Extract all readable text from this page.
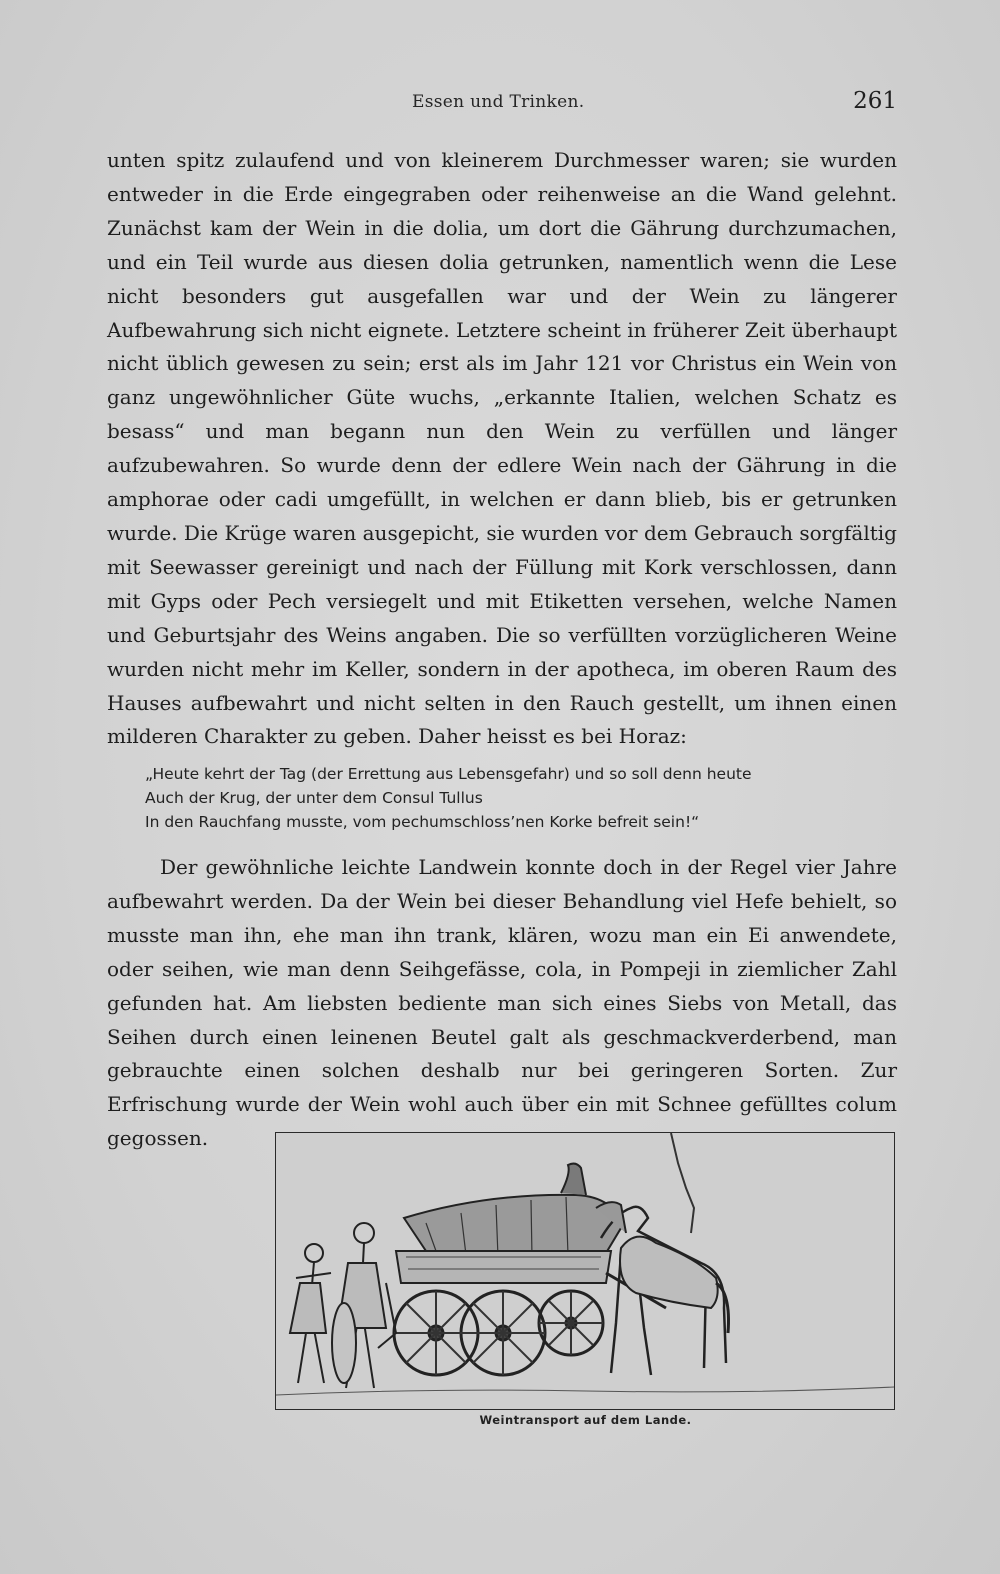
Essen und Trinken.	261
unten spitz zulaufend und von kleinerem Durchmesser waren; sie wurden entweder in die Erde eingegraben oder reihenweise an die Wand gelehnt. Zunächst kam der Wein in die dolia, um dort die Gährung durchzumachen, und ein Teil wurde aus diesen dolia getrunken, namentlich wenn die Lese nicht besonders gut ausgefallen war und der Wein zu längerer Aufbewahrung sich nicht eignete. Letztere scheint in früherer Zeit überhaupt nicht üblich gewesen zu sein; erst als im Jahr 121 vor Christus ein Wein von ganz ungewöhnlicher Güte wuchs, „erkannte Italien, welchen Schatz es besass“ und man begann nun den Wein zu verfüllen und länger aufzubewahren. So wurde denn der edlere Wein nach der Gährung in die amphorae oder cadi umgefüllt, in welchen er dann blieb, bis er getrunken wurde. Die Krüge waren ausgepicht, sie wurden vor dem Gebrauch sorgfältig mit Seewasser gereinigt und nach der Füllung mit Kork verschlossen, dann mit Gyps oder Pech versiegelt und mit Etiketten versehen, welche Namen und Geburtsjahr des Weins angaben. Die so verfüllten vorzüglicheren Weine wurden nicht mehr im Keller, sondern in der apotheca, im oberen Raum des Hauses aufbewahrt und nicht selten in den Rauch gestellt, um ihnen einen milderen Charakter zu geben. Daher heisst es bei Horaz:
„Heute kehrt der Tag (der Errettung aus Lebensgefahr) und so soll denn heute
Auch der Krug, der unter dem Consul Tullus
In den Rauchfang musste, vom pechumschloss’nen Korke befreit sein!“
Der gewöhnliche leichte Landwein konnte doch in der Regel vier Jahre aufbewahrt werden. Da der Wein bei dieser Behandlung viel Hefe behielt, so musste man ihn, ehe man ihn trank, klären, wozu man ein Ei anwendete, oder seihen, wie man denn Seihgefässe, cola, in Pompeji in ziemlicher Zahl gefunden hat. Am liebsten bediente man sich eines Siebs von Metall, das Seihen durch einen leinenen Beutel galt als geschmackverderbend, man gebrauchte einen solchen deshalb nur bei geringeren Sorten. Zur Erfrischung wurde der Wein wohl auch über ein mit Schnee gefülltes colum gegossen.
Weintransport auf dem Lande.
